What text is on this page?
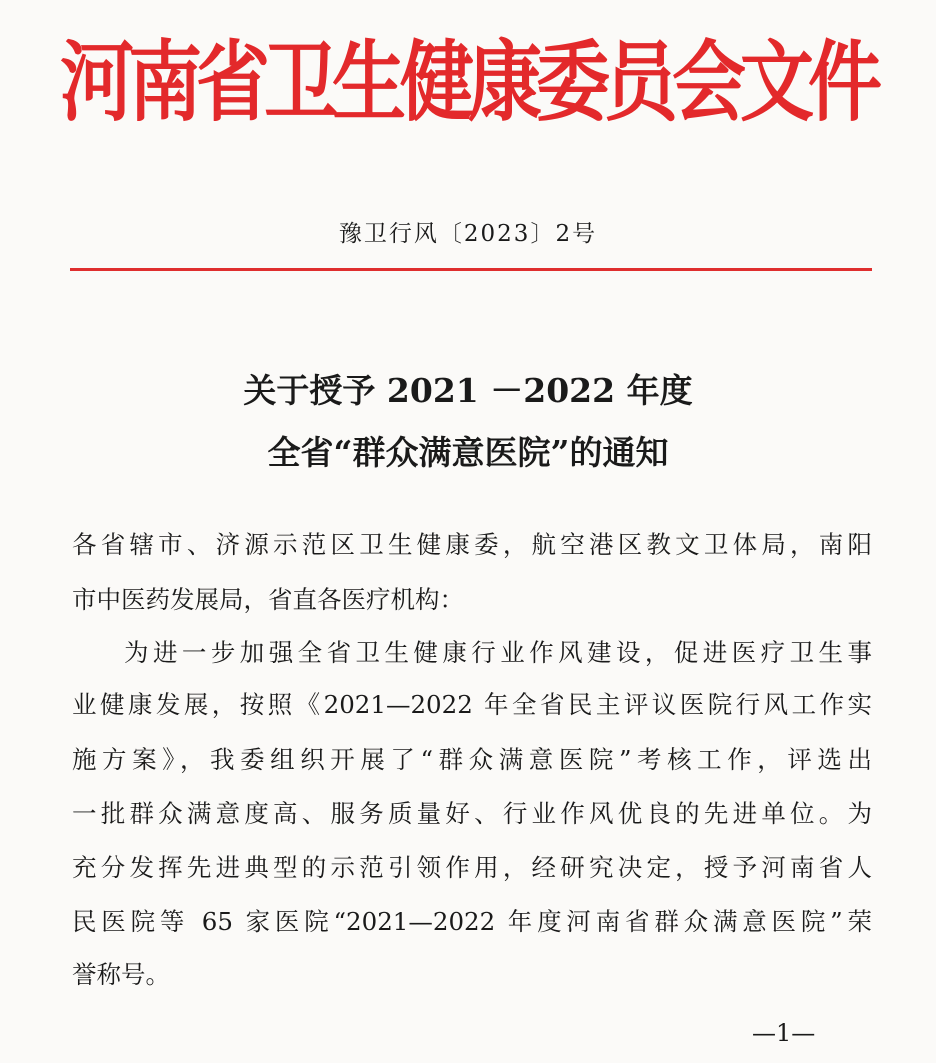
河南省卫生健康委员会文件
豫卫行风〔2023〕2号
关于授予 2021 －2022 年度
全省“群众满意医院”的通知
各省辖市、济源示范区卫生健康委，航空港区教文卫体局，南阳
市中医药发展局，省直各医疗机构：
为进一步加强全省卫生健康行业作风建设，促进医疗卫生事
业健康发展，按照《2021—2022 年全省民主评议医院行风工作实
施方案》，我委组织开展了“群众满意医院”考核工作，评选出
一批群众满意度高、服务质量好、行业作风优良的先进单位。为
充分发挥先进典型的示范引领作用，经研究决定，授予河南省人
民医院等 65 家医院“2021—2022 年度河南省群众满意医院”荣
誉称号。
—1—
